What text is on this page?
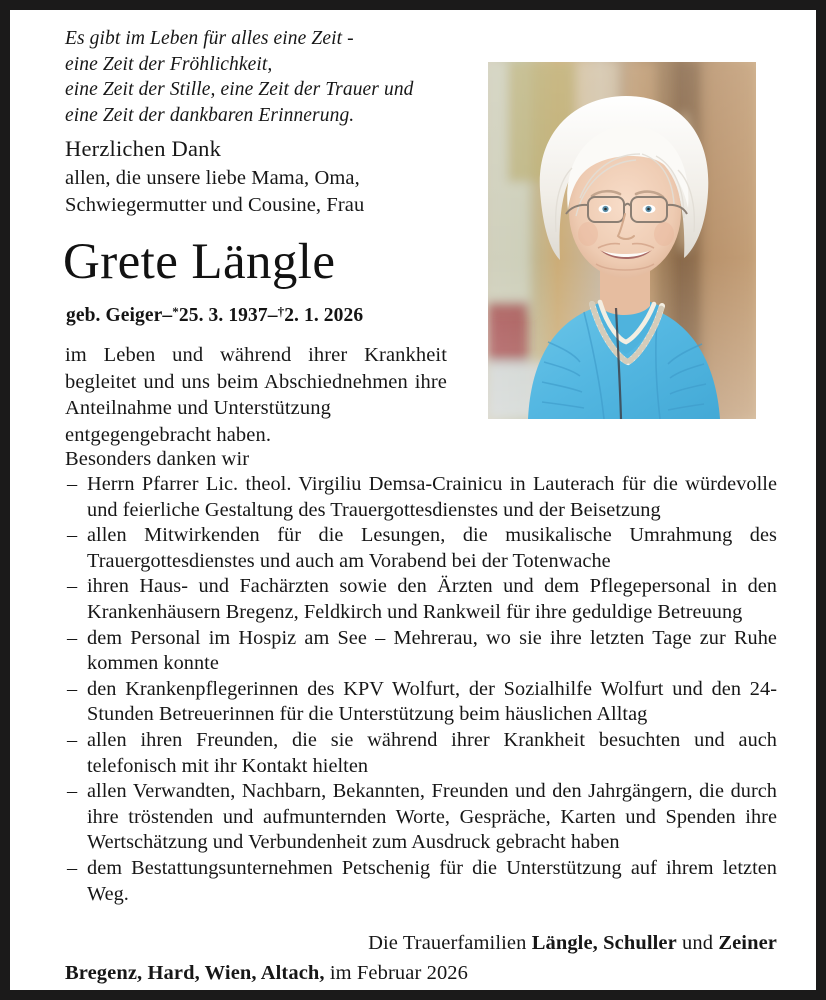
Es gibt im Leben für alles eine Zeit -
eine Zeit der Fröhlichkeit,
eine Zeit der Stille, eine Zeit der Trauer und
eine Zeit der dankbaren Erinnerung.
Herzlichen Dank
allen, die unsere liebe Mama, Oma,
Schwiegermutter und Cousine, Frau
Grete Längle
geb. Geiger–*25. 3. 1937–†2. 1. 2026
im Leben und während ihrer Krankheit begleitet und uns beim Abschiednehmen ihre Anteilnahme und Unterstützung
entgegengebracht haben.
Besonders danken wir
– Herrn Pfarrer Lic. theol. Virgiliu Demsa-Crainicu in Lauterach für die würdevolle und feierliche Gestaltung des Trauergottesdienstes und der Beisetzung
– allen Mitwirkenden für die Lesungen, die musikalische Umrahmung des Trauergottesdienstes und auch am Vorabend bei der Totenwache
– ihren Haus- und Fachärzten sowie den Ärzten und dem Pflegepersonal in den Krankenhäusern Bregenz, Feldkirch und Rankweil für ihre geduldige Betreuung
– dem Personal im Hospiz am See – Mehrerau, wo sie ihre letzten Tage zur Ruhe kommen konnte
– den Krankenpflegerinnen des KPV Wolfurt, der Sozialhilfe Wolfurt und den 24-Stunden Betreuerinnen für die Unterstützung beim häuslichen Alltag
– allen ihren Freunden, die sie während ihrer Krankheit besuchten und auch telefonisch mit ihr Kontakt hielten
– allen Verwandten, Nachbarn, Bekannten, Freunden und den Jahrgängern, die durch ihre tröstenden und aufmunternden Worte, Gespräche, Karten und Spenden ihre Wertschätzung und Verbundenheit zum Ausdruck gebracht haben
– dem Bestattungsunternehmen Petschenig für die Unterstützung auf ihrem letzten Weg.
Die Trauerfamilien Längle, Schuller und Zeiner
Bregenz, Hard, Wien, Altach, im Februar 2026
